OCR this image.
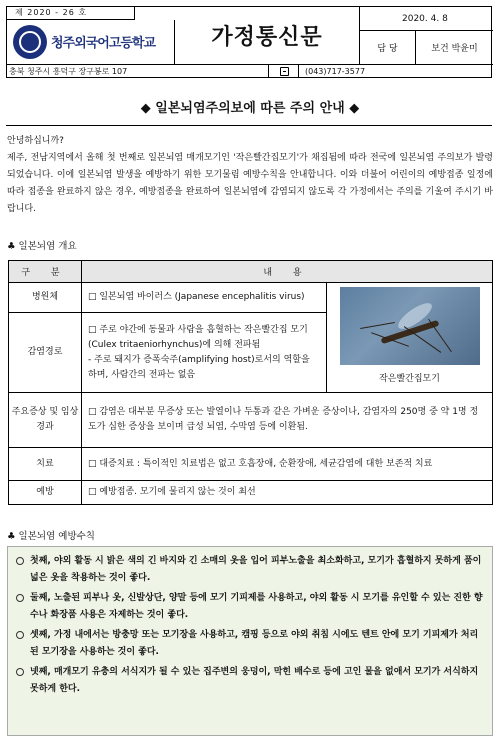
제 2020 - 26 호
청주외국어고등학교	가정통신문
2020. 4. 8
담 당	보건 박윤미
충북 청주시 흥덕구 장구봉로 107	(043)717-3577
◆ 일본뇌염주의보에 따른 주의 안내 ◆

안녕하십니까?

제주, 전남지역에서 올해 첫 번째로 일본뇌염 매개모기인 '작은빨간집모기'가 채집됨에 따라 전국에 일본뇌염 주의보가 발령되었습니다. 이에 일본뇌염 발생을 예방하기 위한 모기물림 예방수칙을 안내합니다. 이와 더불어 어린이의 예방접종 일정에 따라 접종을 완료하지 않은 경우, 예방접종을 완료하여 일본뇌염에 감염되지 않도록 각 가정에서는 주의를 기울여 주시기 바랍니다.

♣ 일본뇌염 개요
구 분	내 용	
병원체	□ 일본뇌염 바이러스 (Japanese encephalitis virus)	작은빨간집모기

감염경로	□ 주로 야간에 동물과 사람을 흡혈하는 작은빨간집 모기(Culex tritaeniorhynchus)에 의해 전파됨
- 주로 돼지가 증폭숙주(amplifying host)로서의 역할을 하며, 사람간의 전파는 없음	
주요증상 및 임상경과	□ 감염은 대부분 무증상 또는 발열이나 두통과 같은 가벼운 증상이나, 감염자의 250명 중 약 1명 정도가 심한 증상을 보이며 급성 뇌염, 수막염 등에 이환됨.	
치료	□ 대증치료 : 특이적인 치료법은 없고 호흡장애, 순환장애, 세균감염에 대한 보존적 치료	
예방	□ 예방접종. 모기에 물리지 않는 것이 최선	
♣ 일본뇌염 예방수칙
첫째, 야외 활동 시 밝은 색의 긴 바지와 긴 소매의 옷을 입어 피부노출을 최소화하고, 모기가 흡혈하지 못하게 품이 넓은 옷을 착용하는 것이 좋다.
둘째, 노출된 피부나 옷, 신발상단, 양말 등에 모기 기피제를 사용하고, 야외 활동 시 모기를 유인할 수 있는 진한 향수나 화장품 사용은 자제하는 것이 좋다.
셋째, 가정 내에서는 방충망 또는 모기장을 사용하고, 캠핑 등으로 야외 취침 시에도 텐트 안에 모기 기피제가 처리된 모기장을 사용하는 것이 좋다.
넷째, 매개모기 유충의 서식지가 될 수 있는 집주변의 웅덩이, 막힌 배수로 등에 고인 물을 없애서 모기가 서식하지 못하게 한다.
